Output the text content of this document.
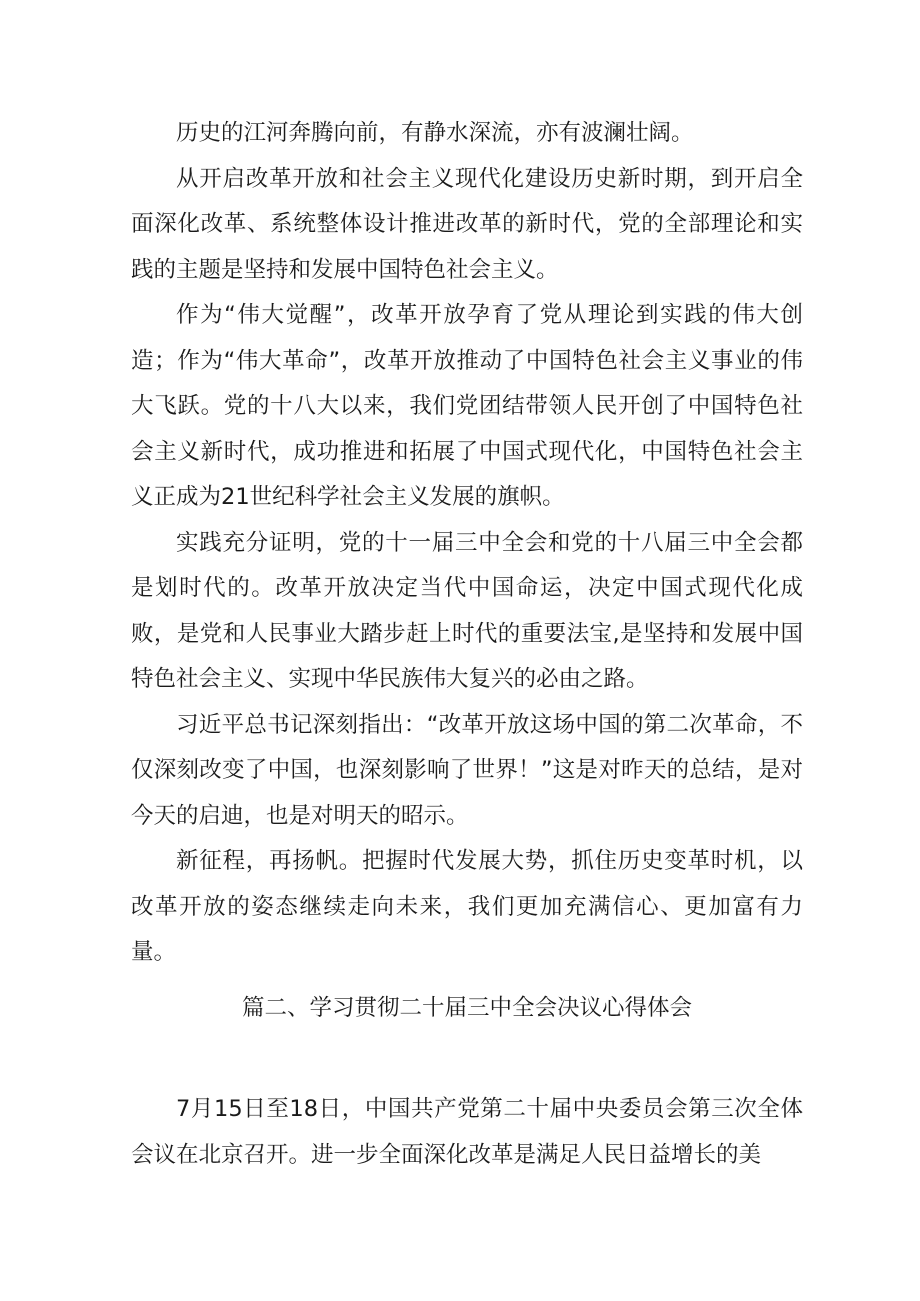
历史的江河奔腾向前，有静水深流，亦有波澜壮阔。

从开启改革开放和社会主义现代化建设历史新时期，到开启全面深化改革、系统整体设计推进改革的新时代，党的全部理论和实践的主题是坚持和发展中国特色社会主义。

作为“伟大觉醒”，改革开放孕育了党从理论到实践的伟大创造；作为“伟大革命”，改革开放推动了中国特色社会主义事业的伟大飞跃。党的十八大以来，我们党团结带领人民开创了中国特色社会主义新时代，成功推进和拓展了中国式现代化，中国特色社会主义正成为21世纪科学社会主义发展的旗帜。

实践充分证明，党的十一届三中全会和党的十八届三中全会都是划时代的。改革开放决定当代中国命运，决定中国式现代化成败，是党和人民事业大踏步赶上时代的重要法宝,是坚持和发展中国特色社会主义、实现中华民族伟大复兴的必由之路。

习近平总书记深刻指出：“改革开放这场中国的第二次革命，不仅深刻改变了中国，也深刻影响了世界！”这是对昨天的总结，是对今天的启迪，也是对明天的昭示。

新征程，再扬帆。把握时代发展大势，抓住历史变革时机，以改革开放的姿态继续走向未来，我们更加充满信心、更加富有力量。

篇二、学习贯彻二十届三中全会决议心得体会

7月15日至18日，中国共产党第二十届中央委员会第三次全体会议在北京召开。进一步全面深化改革是满足人民日益增长的美
